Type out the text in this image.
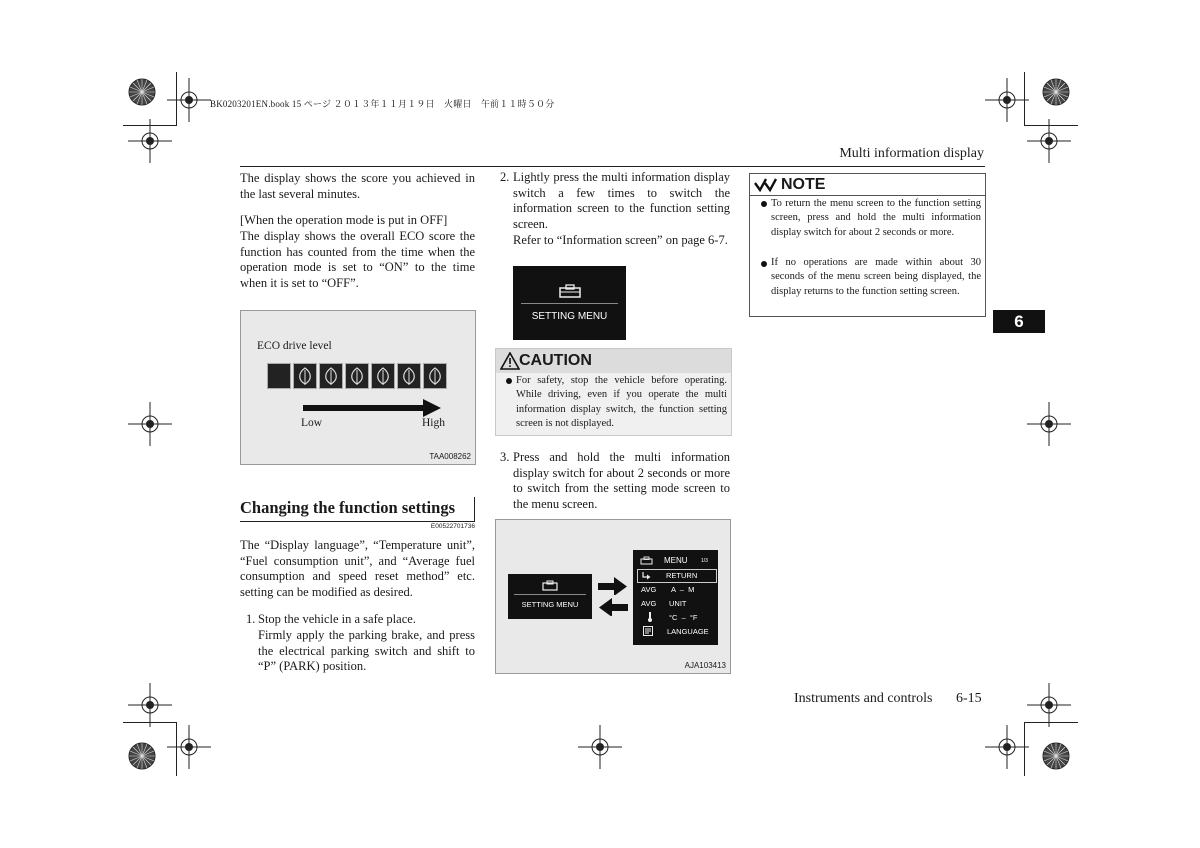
BK0203201EN.book 15 ページ ２０１３年１１月１９日　火曜日　午前１１時５０分
Multi information display
6
The display shows the score you achieved in the last several minutes.
[When the operation mode is put in OFF]
The display shows the overall ECO score the function has counted from the time when the operation mode is set to “ON” to the time when it is set to “OFF”.
ECO drive level
Low	High
TAA008262
Changing the function settings
E00522701736
The “Display language”, “Temperature unit”, “Fuel consumption unit”, and “Average fuel consumption and speed reset method” etc. setting can be modified as desired.
1. Stop the vehicle in a safe place.
Firmly apply the parking brake, and press the electrical parking switch and shift to “P” (PARK) position.
2. Lightly press the multi information display switch a few times to switch the information screen to the function setting screen.
Refer to “Information screen” on page 6-7.
SETTING MENU
CAUTION
For safety, stop the vehicle before operating. While driving, even if you operate the multi information display switch, the function setting screen is not displayed.
3. Press and hold the multi information display switch for about 2 seconds or more to switch from the setting mode screen to the menu screen.
SETTING MENU
MENU	1/3
RETURN
AVG A  –  M
AVG UNIT
°C  –  °F
LANGUAGE
AJA103413
NOTE
To return the menu screen to the function setting screen, press and hold the multi information display switch for about 2 seconds or more.
If no operations are made within about 30 seconds of the menu screen being displayed, the display returns to the function setting screen.
Instruments and controls 6-15
